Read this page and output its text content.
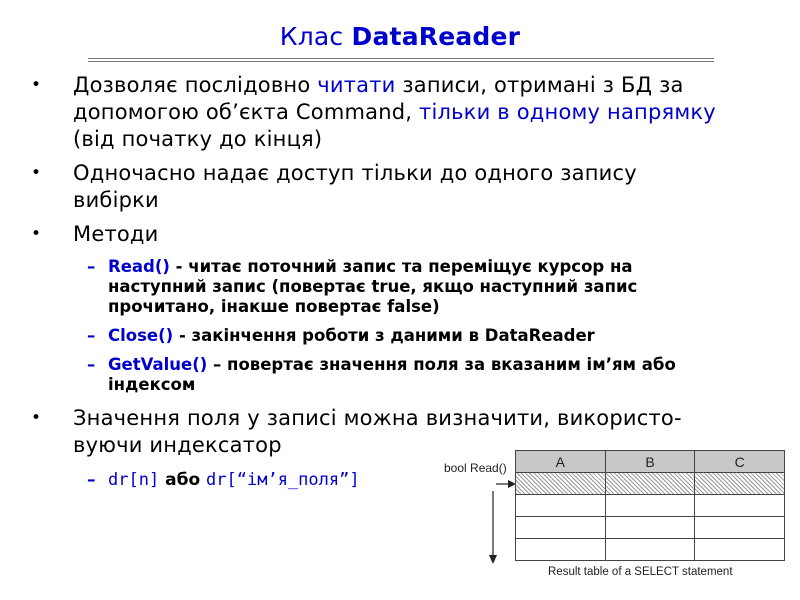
Клас DataReader
• Дозволяє послідовно читати записи, отримані з БД за допомогою об’єкта Command, тільки в одному напрямку (від початку до кінця)
• Одночасно надає доступ тільки до одного запису вибірки
• Методи
– Read() - читає поточний запис та переміщує курсор на наступний запис (повертає true, якщо наступний запис прочитано, інакше повертає false)
– Close() - закінчення роботи з даними в DataReader
– GetValue() – повертає значення поля за вказаним ім’ям або індексом
• Значення поля у записі можна визначити, використо-вуючи индексатор
– dr[n] або dr[“ім’я_поля”]
bool Read()	A	B	C

Result table of a SELECT statement
